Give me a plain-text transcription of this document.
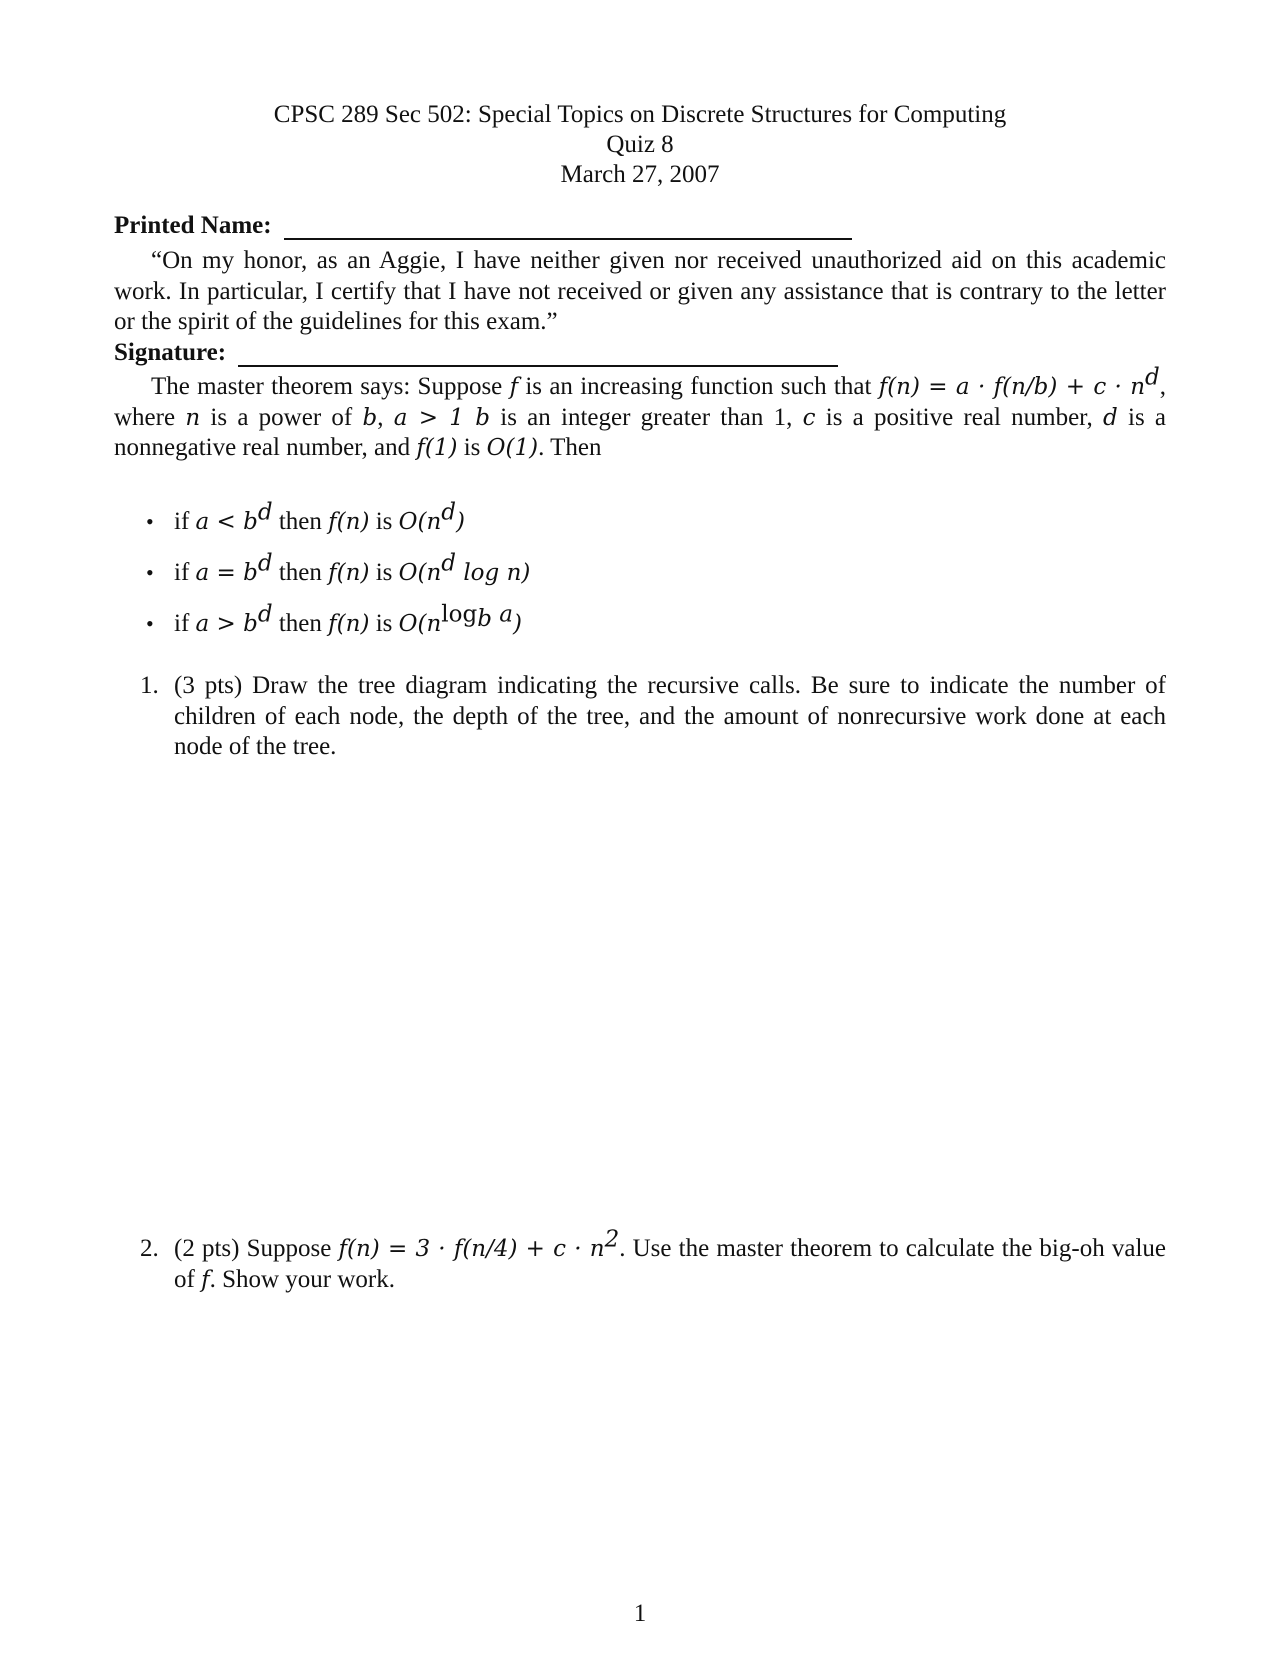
CPSC 289 Sec 502: Special Topics on Discrete Structures for Computing
Quiz 8
March 27, 2007
Printed Name:
“On my honor, as an Aggie, I have neither given nor received unauthorized aid on this academic work. In particular, I certify that I have not received or given any assistance that is contrary to the letter or the spirit of the guidelines for this exam.”
Signature:
The master theorem says: Suppose f is an increasing function such that $f(n) = a \cdot f(n/b) + c \cdot n^d$, where n is a power of b, a > 1 b is an integer greater than 1, c is a positive real number, d is a nonnegative real number, and f(1) is O(1). Then
• if $a < b^d$ then f(n) is $O(n^d)$
• if $a = b^d$ then f(n) is $O(n^d$ log n)
• if $a > b^d$ then f(n) is $O(n^{log}_b$ $^a$)
1. (3 pts) Draw the tree diagram indicating the recursive calls. Be sure to indicate the number of children of each node, the depth of the tree, and the amount of nonrecursive work done at each node of the tree.
2. (2 pts) Suppose $f(n) = 3 \cdot f(n/4) + c \cdot n^2$. Use the master theorem to calculate the big-oh value of f. Show your work.
1
